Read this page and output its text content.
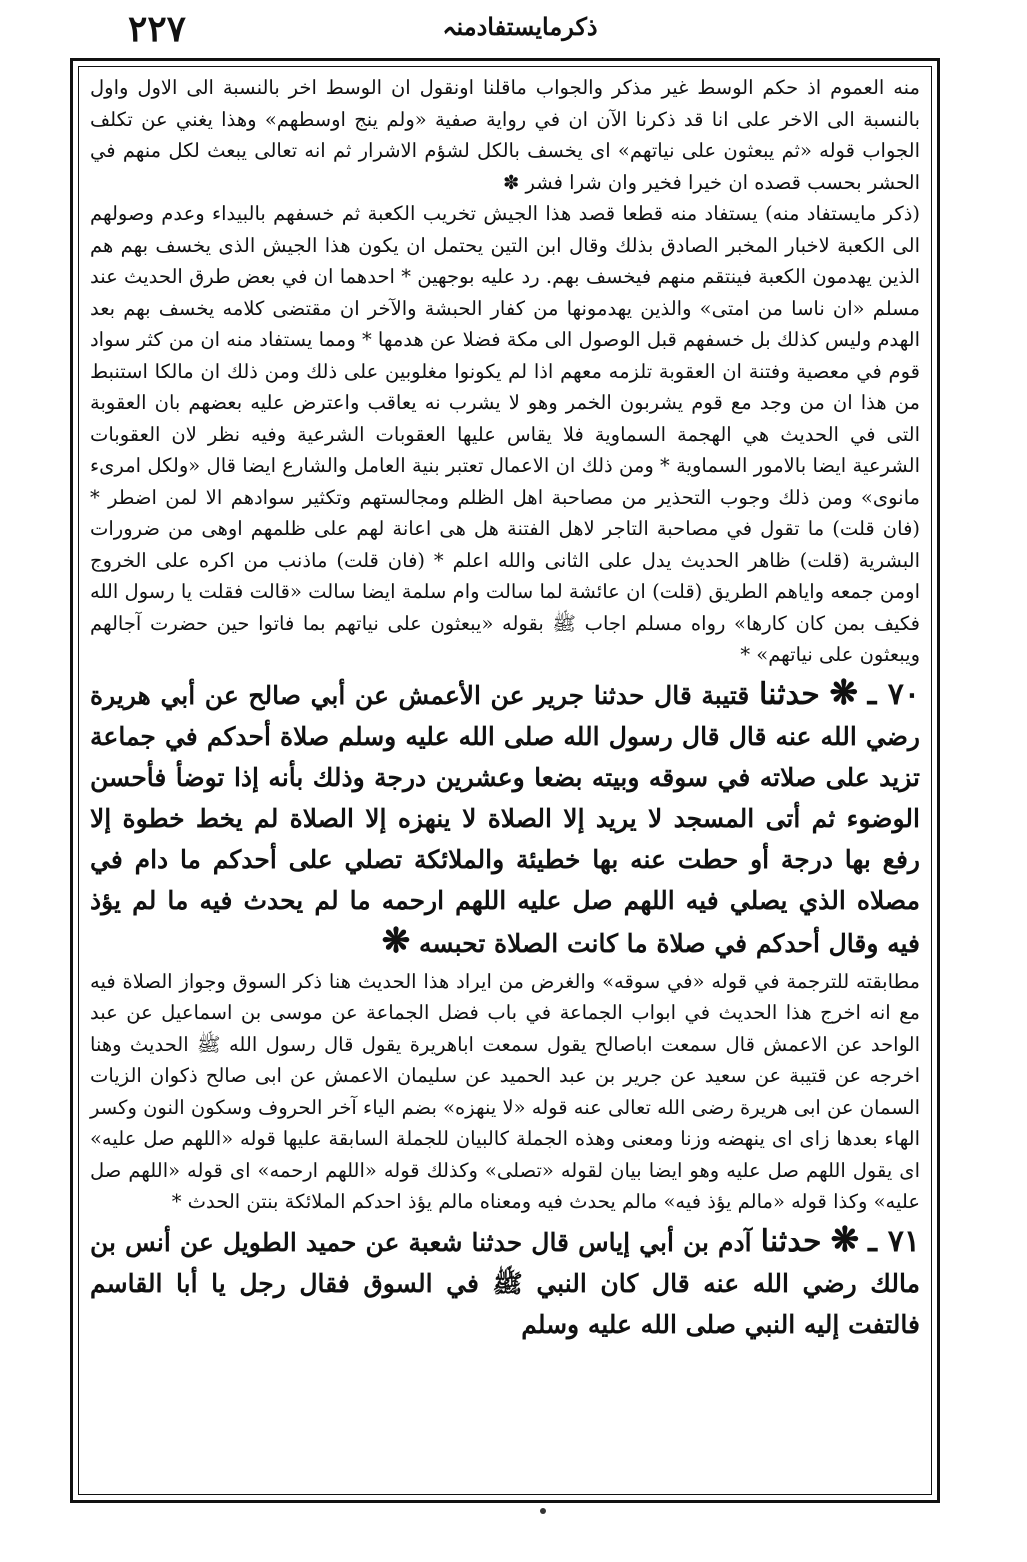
٢٢٧	ذکرمایستفادمنہ

منه العموم اذ حكم الوسط غير مذكر والجواب ماقلنا اونقول ان الوسط اخر بالنسبة الى الاول واول بالنسبة الى الاخر على انا قد ذكرنا الآن ان في رواية صفية «ولم ينج اوسطهم» وهذا يغني عن تكلف الجواب قوله «ثم يبعثون على نياتهم» اى يخسف بالكل لشؤم الاشرار ثم انه تعالى يبعث لكل منهم في الحشر بحسب قصده ان خيرا فخير وان شرا فشر ✽

(ذكر مايستفاد منه) يستفاد منه قطعا قصد هذا الجيش تخريب الكعبة ثم خسفهم بالبيداء وعدم وصولهم الى الكعبة لاخبار المخبر الصادق بذلك وقال ابن التين يحتمل ان يكون هذا الجيش الذى يخسف بهم هم الذين يهدمون الكعبة فينتقم منهم فيخسف بهم. رد عليه بوجهين * احدهما ان في بعض طرق الحديث عند مسلم «ان ناسا من امتى» والذين يهدمونها من كفار الحبشة والآخر ان مقتضى كلامه يخسف بهم بعد الهدم وليس كذلك بل خسفهم قبل الوصول الى مكة فضلا عن هدمها * ومما يستفاد منه ان من كثر سواد قوم في معصية وفتنة ان العقوبة تلزمه معهم اذا لم يكونوا مغلوبين على ذلك ومن ذلك ان مالكا استنبط من هذا ان من وجد مع قوم يشربون الخمر وهو لا يشرب نه يعاقب واعترض عليه بعضهم بان العقوبة التى في الحديث هي الهجمة السماوية فلا يقاس عليها العقوبات الشرعية وفيه نظر لان العقوبات الشرعية ايضا بالامور السماوية * ومن ذلك ان الاعمال تعتبر بنية العامل والشارع ايضا قال «ولكل امرىء مانوى» ومن ذلك وجوب التحذير من مصاحبة اهل الظلم ومجالستهم وتكثير سوادهم الا لمن اضطر * (فان قلت) ما تقول في مصاحبة التاجر لاهل الفتنة هل هى اعانة لهم على ظلمهم اوهى من ضرورات البشرية (قلت) ظاهر الحديث يدل على الثانى والله اعلم * (فان قلت) ماذنب من اكره على الخروج اومن جمعه واياهم الطريق (قلت) ان عائشة لما سالت وام سلمة ايضا سالت «قالت فقلت يا رسول الله فكيف بمن كان كارها» رواه مسلم اجاب ﷺ بقوله «يبعثون على نياتهم بما فاتوا حين حضرت آجالهم ويبعثون على نياتهم» *

٧٠ ـ ❋ حدثنا قتيبة قال حدثنا جرير عن الأعمش عن أبي صالح عن أبي هريرة رضي الله عنه قال قال رسول الله صلى الله عليه وسلم صلاة أحدكم في جماعة تزيد على صلاته في سوقه وبيته بضعا وعشرين درجة وذلك بأنه إذا توضأ فأحسن الوضوء ثم أتى المسجد لا يريد إلا الصلاة لا ينهزه إلا الصلاة لم يخط خطوة إلا رفع بها درجة أو حطت عنه بها خطيئة والملائكة تصلي على أحدكم ما دام في مصلاه الذي يصلي فيه اللهم صل عليه اللهم ارحمه ما لم يحدث فيه ما لم يؤذ فيه وقال أحدكم في صلاة ما كانت الصلاة تحبسه ❋

مطابقته للترجمة في قوله «في سوقه» والغرض من ايراد هذا الحديث هنا ذكر السوق وجواز الصلاة فيه مع انه اخرج هذا الحديث في ابواب الجماعة في باب فضل الجماعة عن موسى بن اسماعيل عن عبد الواحد عن الاعمش قال سمعت اباصالح يقول سمعت اباهريرة يقول قال رسول الله ﷺ الحديث وهنا اخرجه عن قتيبة عن سعيد عن جرير بن عبد الحميد عن سليمان الاعمش عن ابى صالح ذكوان الزيات السمان عن ابى هريرة رضى الله تعالى عنه قوله «لا ينهزه» بضم الياء آخر الحروف وسكون النون وكسر الهاء بعدها زاى اى ينهضه وزنا ومعنى وهذه الجملة كالبيان للجملة السابقة عليها قوله «اللهم صل عليه» اى يقول اللهم صل عليه وهو ايضا بيان لقوله «تصلى» وكذلك قوله «اللهم ارحمه» اى قوله «اللهم صل عليه» وكذا قوله «مالم يؤذ فيه» مالم يحدث فيه ومعناه مالم يؤذ احدكم الملائكة بنتن الحدث *

٧١ ـ ❋ حدثنا آدم بن أبي إياس قال حدثنا شعبة عن حميد الطويل عن أنس بن مالك رضي الله عنه قال كان النبي ﷺ في السوق فقال رجل يا أبا القاسم فالتفت إليه النبي صلى الله عليه وسلم
